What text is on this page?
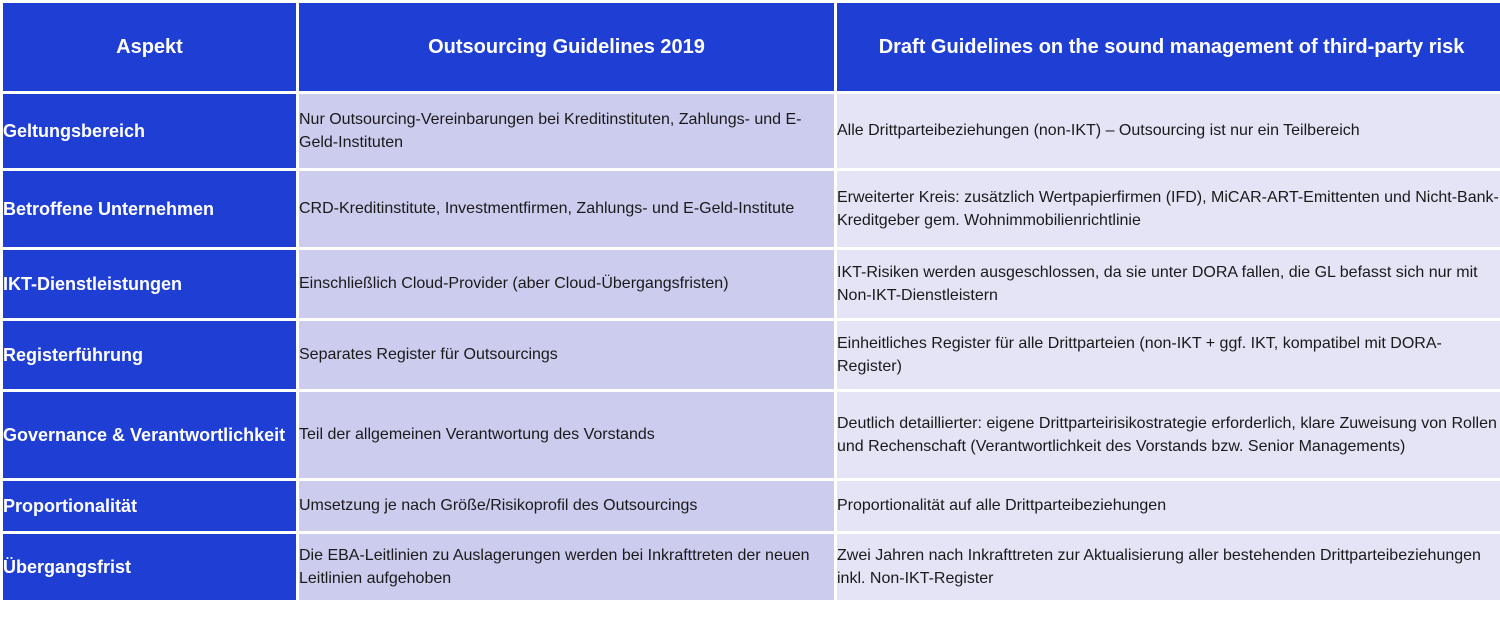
Aspekt	Outsourcing Guidelines 2019	Draft Guidelines on the sound management of third-party risk
Geltungsbereich	Nur Outsourcing-Vereinbarungen bei Kreditinstituten, Zahlungs- und E-Geld-Instituten	Alle Drittparteibeziehungen (non-IKT) – Outsourcing ist nur ein Teilbereich
Betroffene Unternehmen	CRD-Kreditinstitute, Investmentfirmen, Zahlungs- und E-Geld-Institute	Erweiterter Kreis: zusätzlich Wertpapierfirmen (IFD), MiCAR-ART-Emittenten und Nicht-Bank-Kreditgeber gem. Wohnimmobilienrichtlinie
IKT-Dienstleistungen	Einschließlich Cloud-Provider (aber Cloud-Übergangsfristen)	IKT-Risiken werden ausgeschlossen, da sie unter DORA fallen, die GL befasst sich nur mit Non-IKT-Dienstleistern
Registerführung	Separates Register für Outsourcings	Einheitliches Register für alle Drittparteien (non-IKT + ggf. IKT, kompatibel mit DORA-Register)
Governance & Verantwortlichkeit	Teil der allgemeinen Verantwortung des Vorstands	Deutlich detaillierter: eigene Drittparteirisikostrategie erforderlich, klare Zuweisung von Rollen und Rechenschaft (Verantwortlichkeit des Vorstands bzw. Senior Managements)
Proportionalität	Umsetzung je nach Größe/Risikoprofil des Outsourcings	Proportionalität auf alle Drittparteibeziehungen
Übergangsfrist	Die EBA-Leitlinien zu Auslagerungen werden bei Inkrafttreten der neuen Leitlinien aufgehoben	Zwei Jahren nach Inkrafttreten zur Aktualisierung aller bestehenden Drittparteibeziehungen inkl. Non-IKT-Register
